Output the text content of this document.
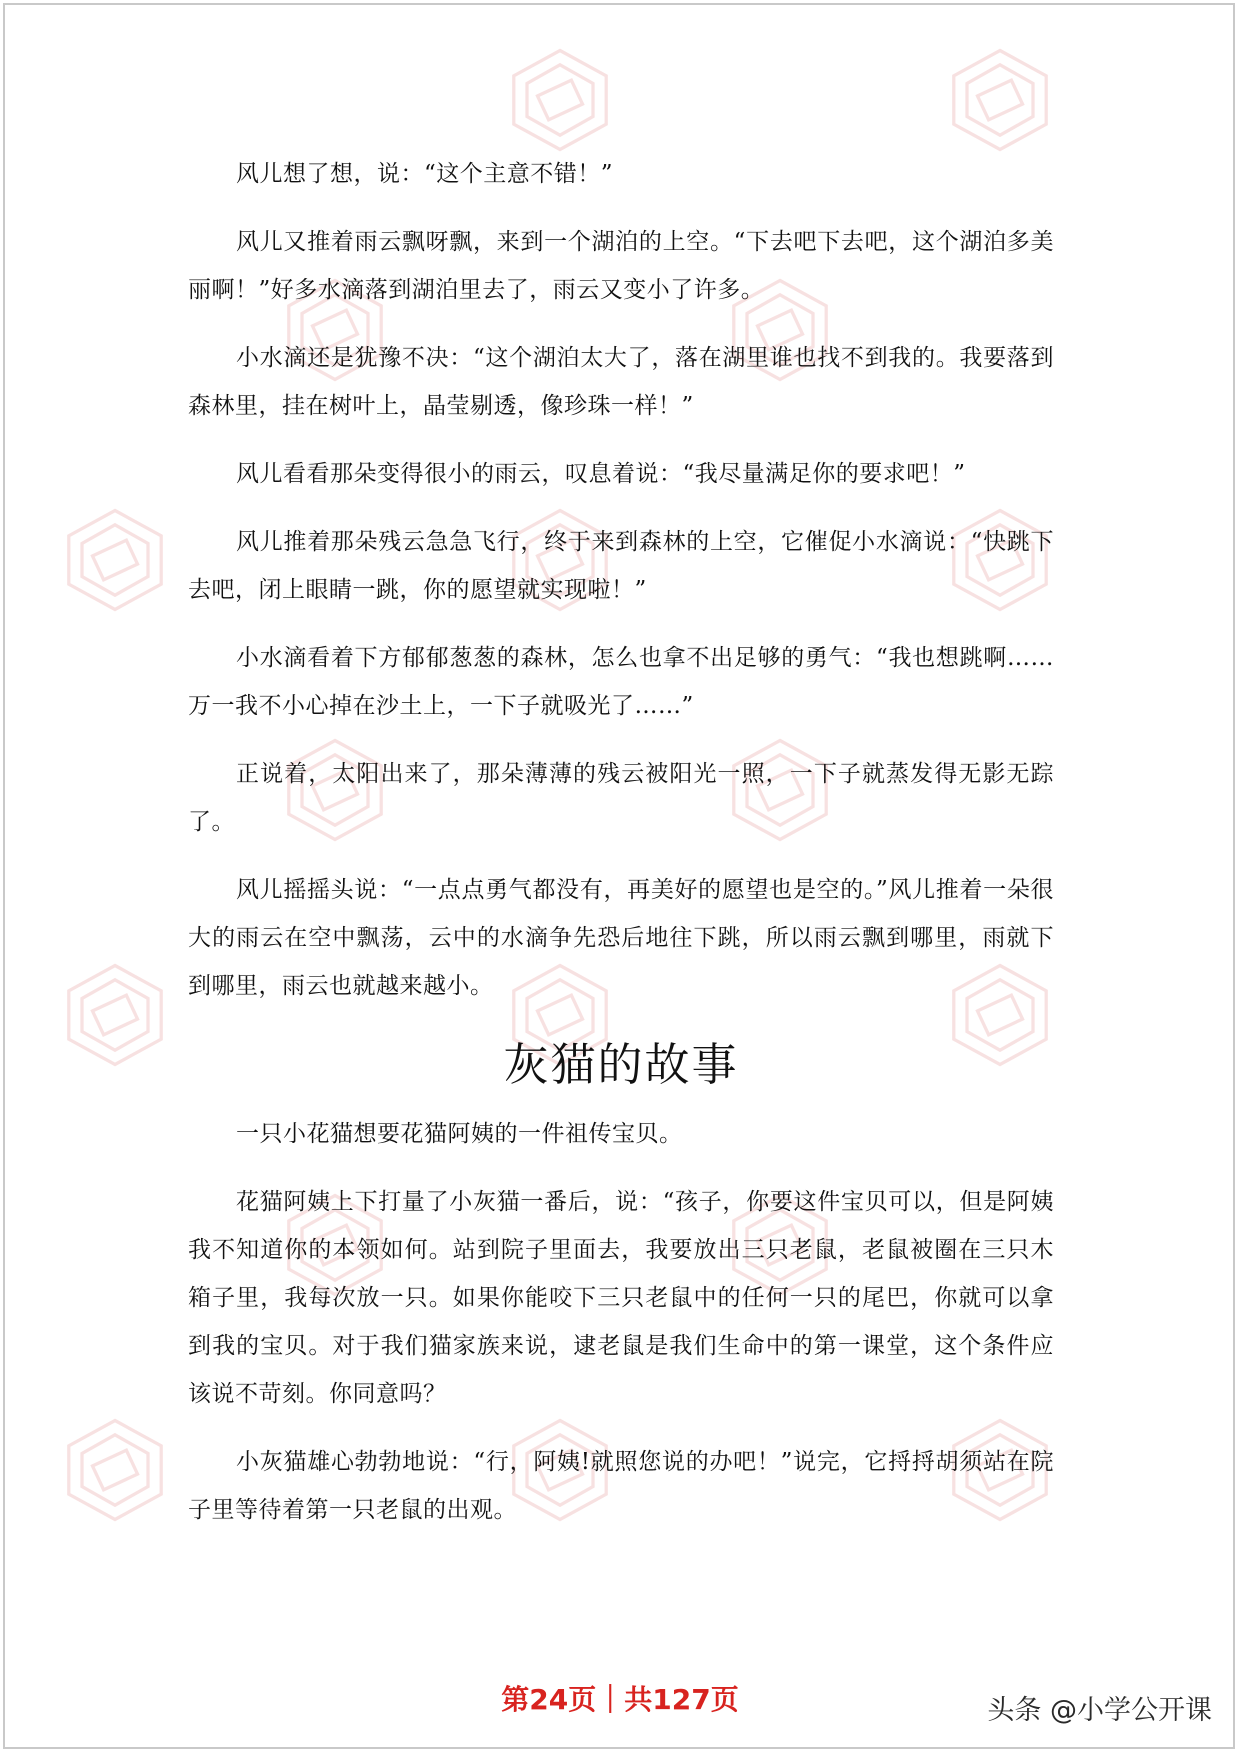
风儿想了想，说：“这个主意不错！”

风儿又推着雨云飘呀飘，来到一个湖泊的上空。“下去吧下去吧，这个湖泊多美丽啊！”好多水滴落到湖泊里去了，雨云又变小了许多。

小水滴还是犹豫不决：“这个湖泊太大了，落在湖里谁也找不到我的。我要落到森林里，挂在树叶上，晶莹剔透，像珍珠一样！”

风儿看看那朵变得很小的雨云，叹息着说：“我尽量满足你的要求吧！”

风儿推着那朵残云急急飞行，终于来到森林的上空，它催促小水滴说：“快跳下去吧，闭上眼睛一跳，你的愿望就实现啦！”

小水滴看着下方郁郁葱葱的森林，怎么也拿不出足够的勇气：“我也想跳啊……万一我不小心掉在沙土上，一下子就吸光了……”

正说着，太阳出来了，那朵薄薄的残云被阳光一照，一下子就蒸发得无影无踪了。

风儿摇摇头说：“一点点勇气都没有，再美好的愿望也是空的。”风儿推着一朵很大的雨云在空中飘荡，云中的水滴争先恐后地往下跳，所以雨云飘到哪里，雨就下到哪里，雨云也就越来越小。

灰猫的故事

一只小花猫想要花猫阿姨的一件祖传宝贝。

花猫阿姨上下打量了小灰猫一番后，说：“孩子，你要这件宝贝可以，但是阿姨我不知道你的本领如何。站到院子里面去，我要放出三只老鼠，老鼠被圈在三只木箱子里，我每次放一只。如果你能咬下三只老鼠中的任何一只的尾巴，你就可以拿到我的宝贝。对于我们猫家族来说，逮老鼠是我们生命中的第一课堂，这个条件应该说不苛刻。你同意吗？

小灰猫雄心勃勃地说：“行，阿姨!就照您说的办吧！”说完，它捋捋胡须站在院子里等待着第一只老鼠的出观。

第24页｜共127页	头条 @小学公开课
